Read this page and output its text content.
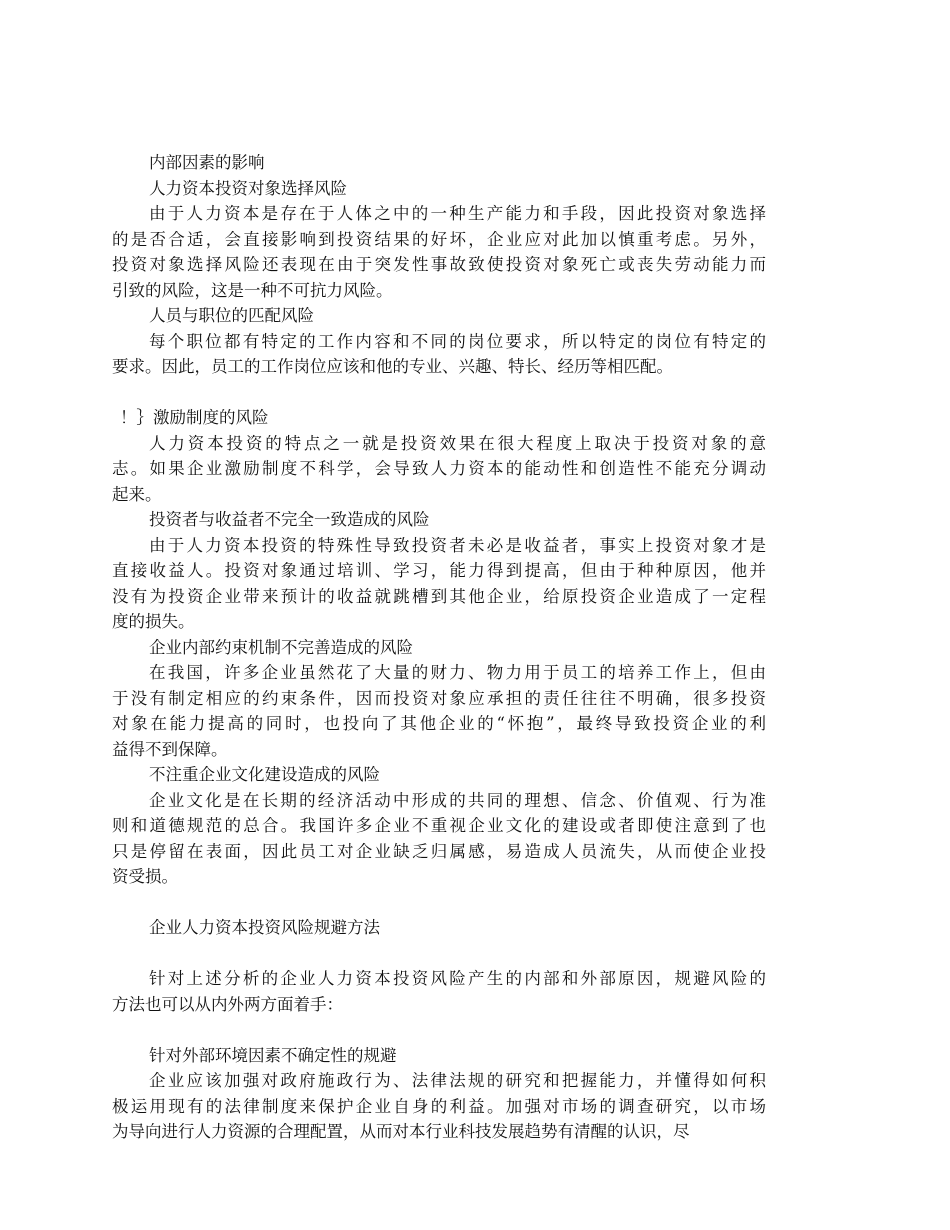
内部因素的影响
人力资本投资对象选择风险
由于人力资本是存在于人体之中的一种生产能力和手段，因此投资对象选择
的是否合适，会直接影响到投资结果的好坏，企业应对此加以慎重考虑。另外，
投资对象选择风险还表现在由于突发性事故致使投资对象死亡或丧失劳动能力而
引致的风险，这是一种不可抗力风险。
人员与职位的匹配风险
每个职位都有特定的工作内容和不同的岗位要求，所以特定的岗位有特定的
要求。因此，员工的工作岗位应该和他的专业、兴趣、特长、经历等相匹配。
！｝激励制度的风险
人力资本投资的特点之一就是投资效果在很大程度上取决于投资对象的意
志。如果企业激励制度不科学，会导致人力资本的能动性和创造性不能充分调动
起来。
投资者与收益者不完全一致造成的风险
由于人力资本投资的特殊性导致投资者未必是收益者，事实上投资对象才是
直接收益人。投资对象通过培训、学习，能力得到提高，但由于种种原因，他并
没有为投资企业带来预计的收益就跳槽到其他企业，给原投资企业造成了一定程
度的损失。
企业内部约束机制不完善造成的风险
在我国，许多企业虽然花了大量的财力、物力用于员工的培养工作上，但由
于没有制定相应的约束条件，因而投资对象应承担的责任往往不明确，很多投资
对象在能力提高的同时，也投向了其他企业的“怀抱”，最终导致投资企业的利
益得不到保障。
不注重企业文化建设造成的风险
企业文化是在长期的经济活动中形成的共同的理想、信念、价值观、行为准
则和道德规范的总合。我国许多企业不重视企业文化的建设或者即使注意到了也
只是停留在表面，因此员工对企业缺乏归属感，易造成人员流失，从而使企业投
资受损。
企业人力资本投资风险规避方法
针对上述分析的企业人力资本投资风险产生的内部和外部原因，规避风险的
方法也可以从内外两方面着手：
针对外部环境因素不确定性的规避
企业应该加强对政府施政行为、法律法规的研究和把握能力，并懂得如何积
极运用现有的法律制度来保护企业自身的利益。加强对市场的调查研究，以市场
为导向进行人力资源的合理配置，从而对本行业科技发展趋势有清醒的认识，尽
